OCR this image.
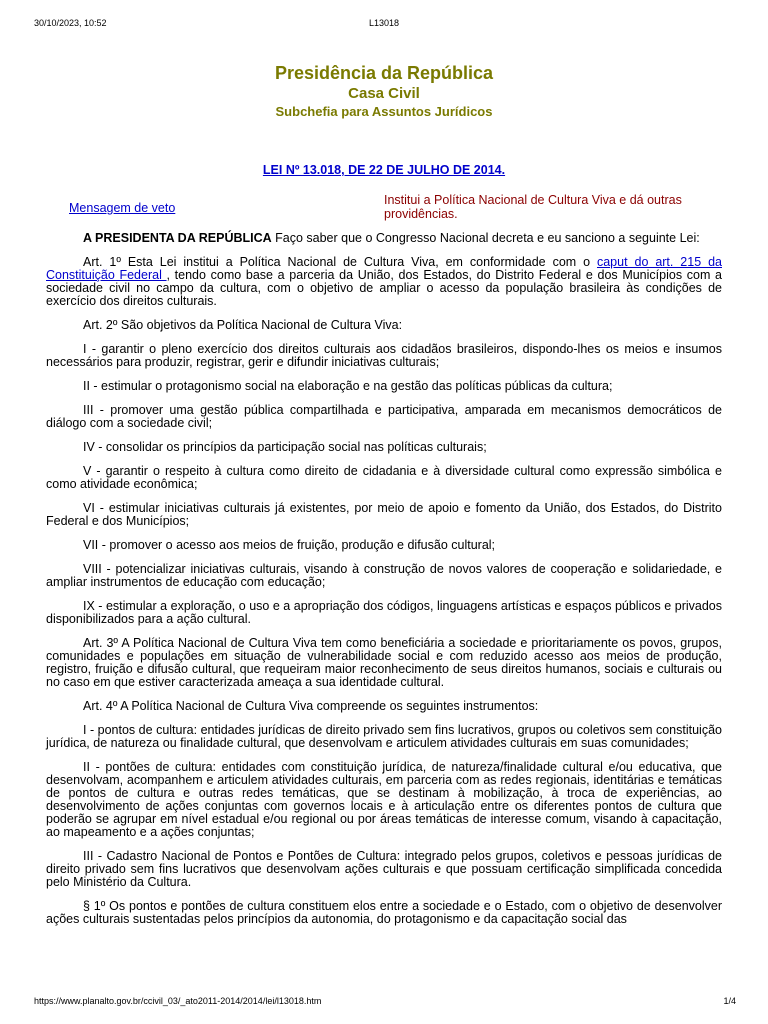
30/10/2023, 10:52	L13018
Presidência da República
Casa Civil
Subchefia para Assuntos Jurídicos
LEI Nº 13.018, DE 22 DE JULHO DE 2014.
Mensagem de veto
Institui a Política Nacional de Cultura Viva e dá outras providências.

A PRESIDENTA DA REPÚBLICA Faço saber que o Congresso Nacional decreta e eu sanciono a seguinte Lei:

Art. 1º Esta Lei institui a Política Nacional de Cultura Viva, em conformidade com o caput do art. 215 da Constituição Federal , tendo como base a parceria da União, dos Estados, do Distrito Federal e dos Municípios com a sociedade civil no campo da cultura, com o objetivo de ampliar o acesso da população brasileira às condições de exercício dos direitos culturais.

Art. 2º São objetivos da Política Nacional de Cultura Viva:

I - garantir o pleno exercício dos direitos culturais aos cidadãos brasileiros, dispondo-lhes os meios e insumos necessários para produzir, registrar, gerir e difundir iniciativas culturais;

II - estimular o protagonismo social na elaboração e na gestão das políticas públicas da cultura;

III - promover uma gestão pública compartilhada e participativa, amparada em mecanismos democráticos de diálogo com a sociedade civil;

IV - consolidar os princípios da participação social nas políticas culturais;

V - garantir o respeito à cultura como direito de cidadania e à diversidade cultural como expressão simbólica e como atividade econômica;

VI - estimular iniciativas culturais já existentes, por meio de apoio e fomento da União, dos Estados, do Distrito Federal e dos Municípios;

VII - promover o acesso aos meios de fruição, produção e difusão cultural;

VIII - potencializar iniciativas culturais, visando à construção de novos valores de cooperação e solidariedade, e ampliar instrumentos de educação com educação;

IX - estimular a exploração, o uso e a apropriação dos códigos, linguagens artísticas e espaços públicos e privados disponibilizados para a ação cultural.

Art. 3º A Política Nacional de Cultura Viva tem como beneficiária a sociedade e prioritariamente os povos, grupos, comunidades e populações em situação de vulnerabilidade social e com reduzido acesso aos meios de produção, registro, fruição e difusão cultural, que requeiram maior reconhecimento de seus direitos humanos, sociais e culturais ou no caso em que estiver caracterizada ameaça a sua identidade cultural.

Art. 4º A Política Nacional de Cultura Viva compreende os seguintes instrumentos:

I - pontos de cultura: entidades jurídicas de direito privado sem fins lucrativos, grupos ou coletivos sem constituição jurídica, de natureza ou finalidade cultural, que desenvolvam e articulem atividades culturais em suas comunidades;

II - pontões de cultura: entidades com constituição jurídica, de natureza/finalidade cultural e/ou educativa, que desenvolvam, acompanhem e articulem atividades culturais, em parceria com as redes regionais, identitárias e temáticas de pontos de cultura e outras redes temáticas, que se destinam à mobilização, à troca de experiências, ao desenvolvimento de ações conjuntas com governos locais e à articulação entre os diferentes pontos de cultura que poderão se agrupar em nível estadual e/ou regional ou por áreas temáticas de interesse comum, visando à capacitação, ao mapeamento e a ações conjuntas;

III - Cadastro Nacional de Pontos e Pontões de Cultura: integrado pelos grupos, coletivos e pessoas jurídicas de direito privado sem fins lucrativos que desenvolvam ações culturais e que possuam certificação simplificada concedida pelo Ministério da Cultura.

§ 1º Os pontos e pontões de cultura constituem elos entre a sociedade e o Estado, com o objetivo de desenvolver ações culturais sustentadas pelos princípios da autonomia, do protagonismo e da capacitação social das

https://www.planalto.gov.br/ccivil_03/_ato2011-2014/2014/lei/l13018.htm	1/4
